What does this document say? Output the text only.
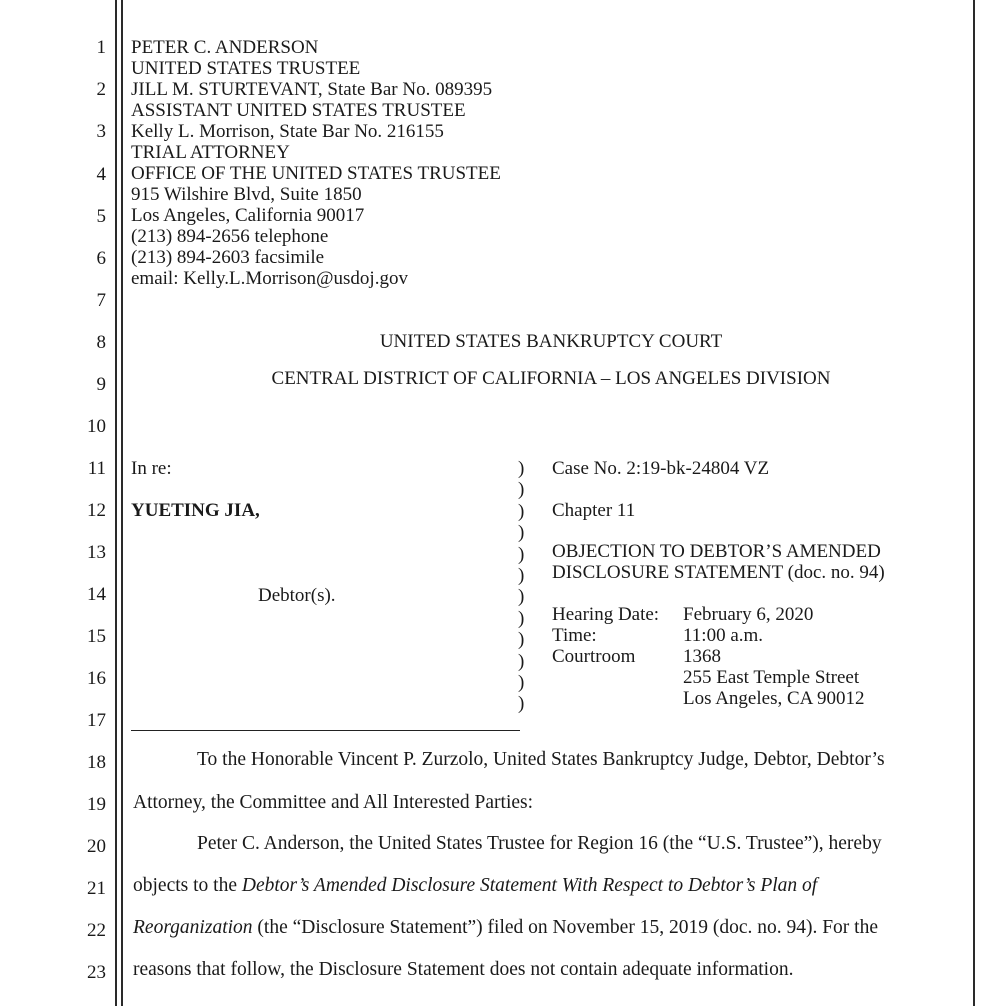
1
2
3
4
5
6
7
8
9
10
11
12
13
14
15
16
17
18
19
20
21
22
23
PETER C. ANDERSON
UNITED STATES TRUSTEE
JILL M. STURTEVANT, State Bar No. 089395
ASSISTANT UNITED STATES TRUSTEE
Kelly L. Morrison, State Bar No. 216155
TRIAL ATTORNEY
OFFICE OF THE UNITED STATES TRUSTEE
915 Wilshire Blvd, Suite 1850
Los Angeles, California 90017
(213) 894-2656 telephone
(213) 894-2603 facsimile
email: Kelly.L.Morrison@usdoj.gov
UNITED STATES BANKRUPTCY COURT
CENTRAL DISTRICT OF CALIFORNIA – LOS ANGELES DIVISION
In re:
YUETING JIA,
Debtor(s).
)
)
)
)
)
)
)
)
)
)
)
)
Case No. 2:19-bk-24804 VZ
Chapter 11
OBJECTION TO DEBTOR’S AMENDED
DISCLOSURE STATEMENT (doc. no. 94)
Hearing Date: February 6, 2020
Time:	11:00 a.m.
Courtroom	1368
255 East Temple Street
Los Angeles, CA 90012
To the Honorable Vincent P. Zurzolo, United States Bankruptcy Judge, Debtor, Debtor’s
Attorney, the Committee and All Interested Parties:
Peter C. Anderson, the United States Trustee for Region 16 (the “U.S. Trustee”), hereby
objects to the Debtor’s Amended Disclosure Statement With Respect to Debtor’s Plan of
Reorganization (the “Disclosure Statement”) filed on November 15, 2019 (doc. no. 94). For the
reasons that follow, the Disclosure Statement does not contain adequate information.
